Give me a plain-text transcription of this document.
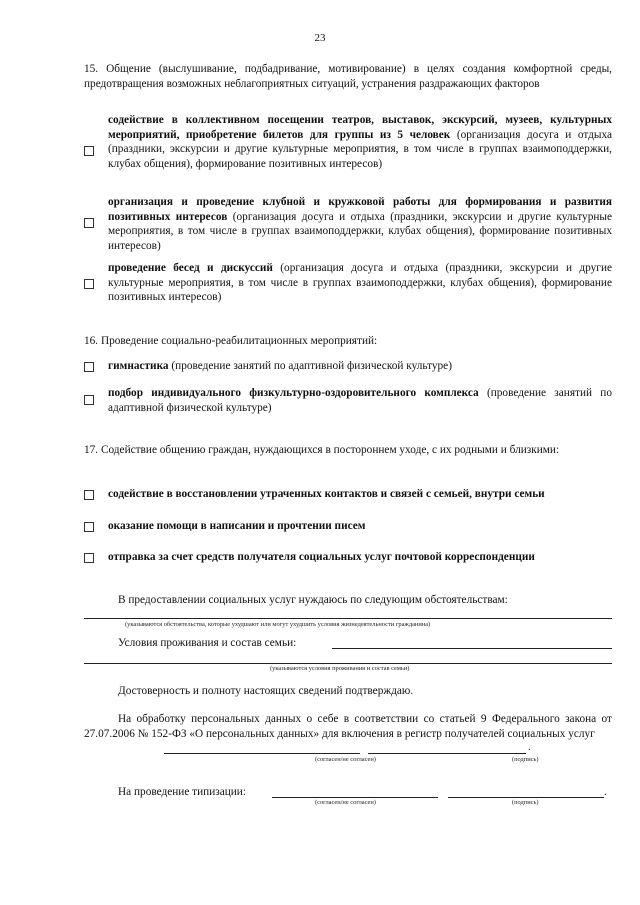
23
15. Общение (выслушивание, подбадривание, мотивирование) в целях создания комфортной среды, предотвращения возможных неблагоприятных ситуаций, устранения раздражающих факторов
содействие в коллективном посещении театров, выставок, экскурсий, музеев, культурных мероприятий, приобретение билетов для группы из 5 человек (организация досуга и отдыха (праздники, экскурсии и другие культурные мероприятия, в том числе в группах взаимоподдержки, клубах общения), формирование позитивных интересов)
организация и проведение клубной и кружковой работы для формирования и развития позитивных интересов (организация досуга и отдыха (праздники, экскурсии и другие культурные мероприятия, в том числе в группах взаимоподдержки, клубах общения), формирование позитивных интересов)
проведение бесед и дискуссий (организация досуга и отдыха (праздники, экскурсии и другие культурные мероприятия, в том числе в группах взаимоподдержки, клубах общения), формирование позитивных интересов)
16. Проведение социально-реабилитационных мероприятий:
гимнастика (проведение занятий по адаптивной физической культуре)
подбор индивидуального физкультурно-оздоровительного комплекса (проведение занятий по адаптивной физической культуре)
17. Содействие общению граждан, нуждающихся в постороннем уходе, с их родными и близкими:
содействие в восстановлении утраченных контактов и связей с семьей, внутри семьи
оказание помощи в написании и прочтении писем
отправка за счет средств получателя социальных услуг почтовой корреспонденции
В предоставлении социальных услуг нуждаюсь по следующим обстоятельствам:
(указываются обстоятельства, которые ухудшают или могут ухудшить условия жизнедеятельности гражданина)
Условия проживания и состав семьи:
(указываются условия проживания и состав семьи)
Достоверность и полноту настоящих сведений подтверждаю.
На обработку персональных данных о себе в соответствии со статьей 9 Федерального закона от 27.07.2006 № 152-ФЗ «О персональных данных» для включения в регистр получателей социальных услуг
.
(согласен/не согласен)	(подпись)
На проведение типизации:	.
(согласен/не согласен)	(подпись)
